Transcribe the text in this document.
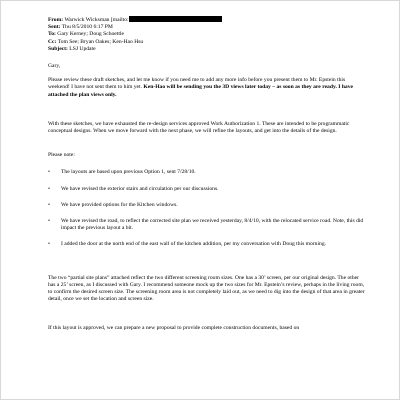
From: Warwick Wicksman [mailto:
Sent: Thu 8/5/2010 6:17 PM
To: Gary Kerney; Doug Schoettle
Cc: Tom See; Bryan Oakes; Ken-Hao Hsu
Subject: LSJ Update
Gary,
Please review these draft sketches, and let me know if you need me to add any more info before you present them to Mr. Epstein this weekend! I have not sent them to him yet. Ken-Hao will be sending you the 3D views later today – as soon as they are ready. I have attached the plan views only.
With these sketches, we have exhausted the re-design services approved Work Authorization 1. These are intended to be programmatic conceptual designs. When we move forward with the next phase, we will refine the layouts, and get into the details of the design.
Please note:
• The layouts are based upon previous Option 1, sent 7/28/10.
• We have revised the exterior stairs and circulation per our discussions.
• We have provided options for the Kitchen windows.
• We have revised the road, to reflect the corrected site plan we received yesterday, 8/4/10, with the relocated service road. Note, this did impact the previous layout a bit.
• I added the door at the north end of the east wall of the kitchen addition, per my conversation with Doug this morning.
The two “partial site plans” attached reflect the two different screening room sizes. One has a 30’ screen, per our original design. The other has a 25’ screen, as I discussed with Gary. I recommend someone mock up the two sizes for Mr. Epstein’s review, perhaps in the living room, to confirm the desired screen size. The screening room area is not completely laid out, as we need to dig into the design of that area in greater detail, once we set the location and screen size.
If this layout is approved, we can prepare a new proposal to provide complete construction documents, based on
